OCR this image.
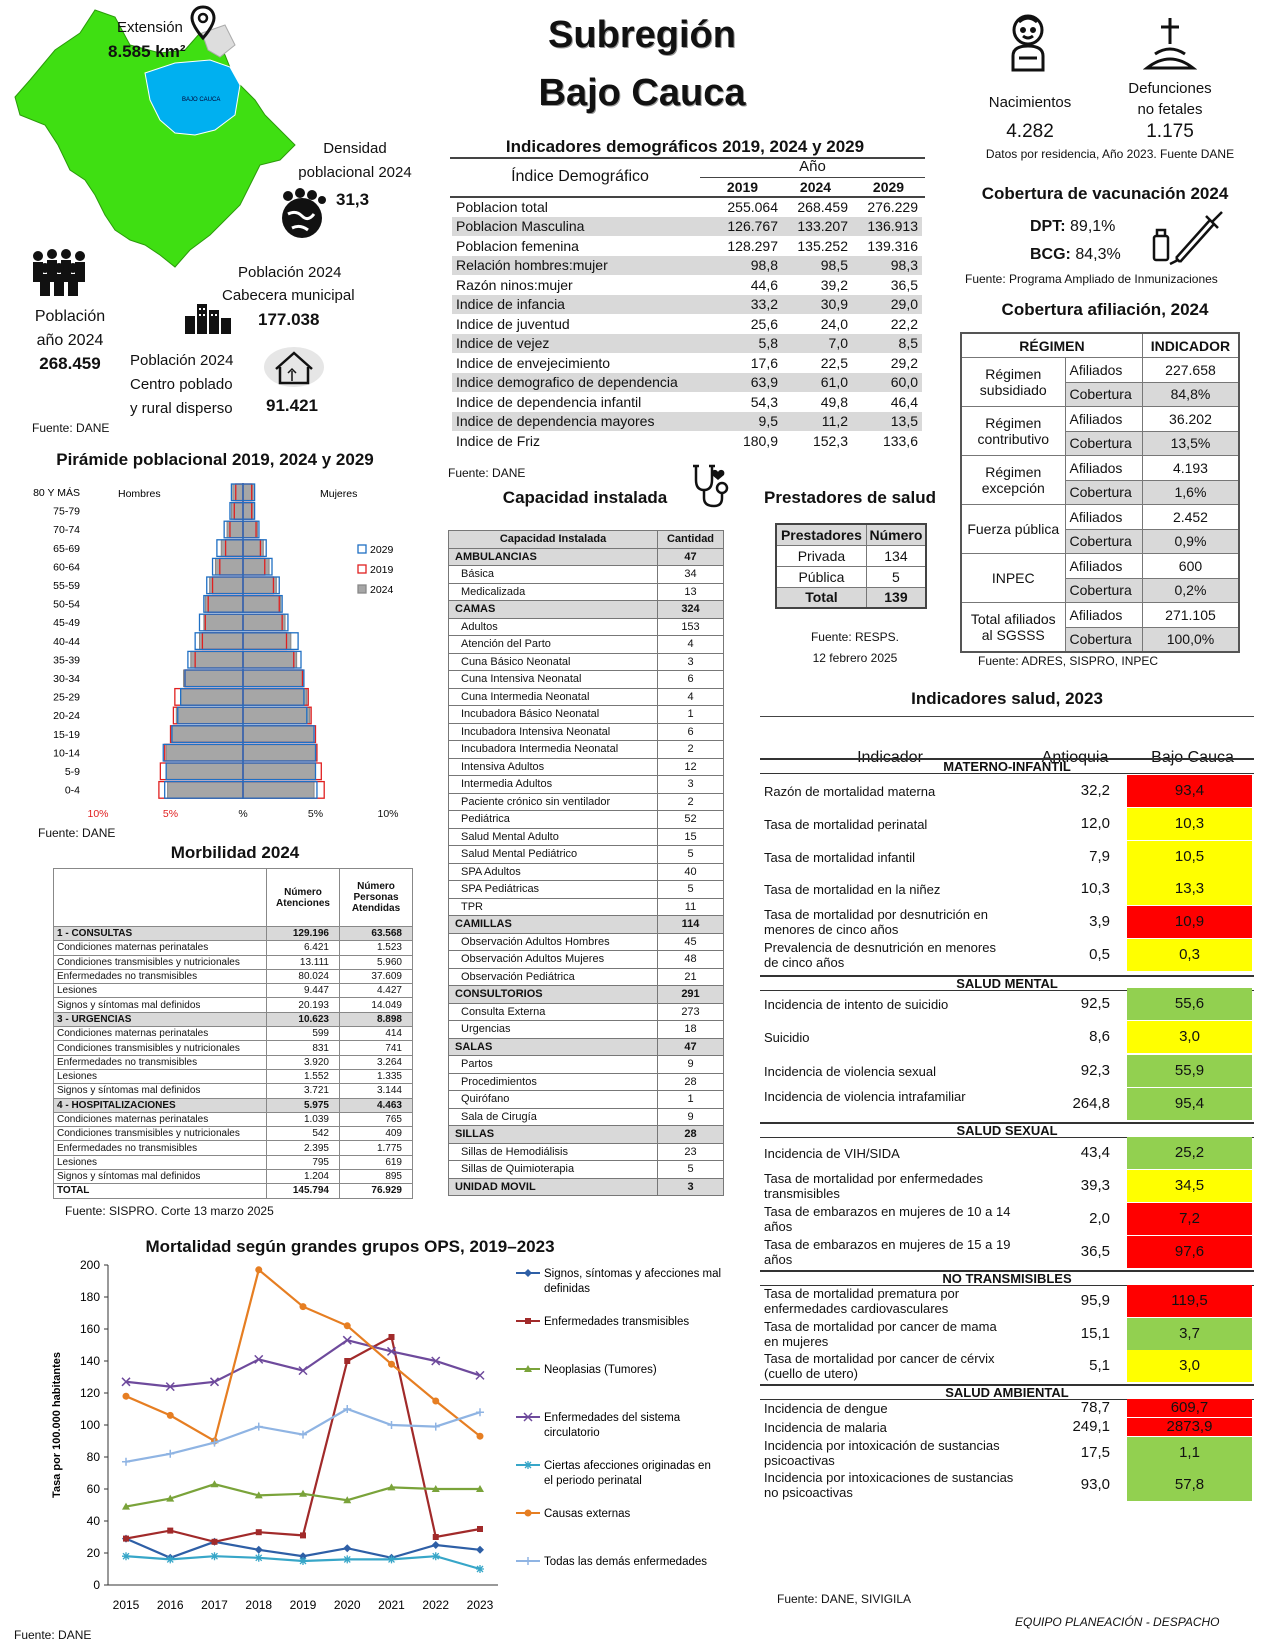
Subregión
Bajo Cauca
BAJO CAUCA
Extensión
8.585 km²
Densidad
poblacional 2024
31,3
Población
año 2024
268.459
Población 2024
Cabecera municipal
177.038
Población 2024
Centro poblado
y rural disperso 91.421
Fuente: DANE
Indicadores demográficos 2019, 2024 y 2029
Índice Demográfico
Año
2019	2024	2029
Poblacion total	255.064	268.459	276.229
Poblacion Masculina	126.767	133.207	136.913
Poblacion femenina	128.297	135.252	139.316
Relación hombres:mujer	98,8	98,5	98,3
Razón ninos:mujer	44,6	39,2	36,5
Indice de infancia	33,2	30,9	29,0
Indice de juventud	25,6	24,0	22,2
Indice de vejez	5,8	7,0	8,5
Indice de envejecimiento	17,6	22,5	29,2
Indice demografico de dependencia	63,9	61,0	60,0
Indice de dependencia infantil	54,3	49,8	46,4
Indice de dependencia mayores	9,5	11,2	13,5
Indice de Friz	180,9	152,3	133,6
Fuente: DANE
Nacimientos
4.282
Defunciones
no fetales
1.175
Datos por residencia, Año 2023. Fuente DANE
Cobertura de vacunación 2024
DPT: 89,1%
BCG: 84,3%
Fuente: Programa Ampliado de Inmunizaciones
Cobertura afiliación, 2024
RÉGIMEN		INDICADOR

Régimen
subsidiado	Afiliados	227.658
	Cobertura	84,8%

Régimen
contributivo	Afiliados	36.202
	Cobertura	13,5%

Régimen
excepción	Afiliados	4.193
	Cobertura	1,6%

Fuerza pública	Afiliados	2.452
	Cobertura	0,9%

INPEC	Afiliados	600
	Cobertura	0,2%

Total afiliados
al SGSSS	Afiliados	271.105
	Cobertura	100,0%
Fuente: ADRES, SISPRO, INPEC
Pirámide poblacional 2019, 2024 y 2029
0-4
5-9
10-14
15-19
20-24
25-29
30-34
35-39
40-44
45-49
50-54
55-59
60-64
65-69
70-74
75-79
80 Y MÁS
10%	5%	%	5%	10%
Hombres	Mujeres
2029
2019
2024
Fuente: DANE
Capacidad instalada
Capacidad Instalada	Cantidad
AMBULANCIAS	47
Básica	34
Medicalizada	13
CAMAS	324
Adultos	153
Atención del Parto	4
Cuna Básico Neonatal	3
Cuna Intensiva Neonatal	6
Cuna Intermedia Neonatal	4
Incubadora Básico Neonatal	1
Incubadora Intensiva Neonatal	6
Incubadora Intermedia Neonatal	2
Intensiva Adultos	12
Intermedia Adultos	3
Paciente crónico sin ventilador	2
Pediátrica	52
Salud Mental Adulto	15
Salud Mental Pediátrico	5
SPA Adultos	40
SPA Pediátricas	5
TPR	11
CAMILLAS	114
Observación Adultos Hombres	45
Observación Adultos Mujeres	48
Observación Pediátrica	21
CONSULTORIOS	291
Consulta Externa	273
Urgencias	18
SALAS	47
Partos	9
Procedimientos	28
Quirófano	1
Sala de Cirugía	9
SILLAS	28
Sillas de Hemodiálisis	23
Sillas de Quimioterapia	5
UNIDAD MOVIL	3
Prestadores de salud
Prestadores	Número
Privada	134
Pública	5
Total	139
Fuente: RESPS.
12 febrero 2025
Morbilidad 2024
	Número Atenciones	Número Personas Atendidas
1 - CONSULTAS	129.196	63.568
Condiciones maternas perinatales	6.421	1.523
Condiciones transmisibles y nutricionales	13.111	5.960
Enfermedades no transmisibles	80.024	37.609
Lesiones	9.447	4.427
Signos y síntomas mal definidos	20.193	14.049
3 - URGENCIAS	10.623	8.898
Condiciones maternas perinatales	599	414
Condiciones transmisibles y nutricionales	831	741
Enfermedades no transmisibles	3.920	3.264
Lesiones	1.552	1.335
Signos y síntomas mal definidos	3.721	3.144
4 - HOSPITALIZACIONES	5.975	4.463
Condiciones maternas perinatales	1.039	765
Condiciones transmisibles y nutricionales	542	409
Enfermedades no transmisibles	2.395	1.775
Lesiones	795	619
Signos y síntomas mal definidos	1.204	895
TOTAL	145.794	76.929
Fuente: SISPRO. Corte 13 marzo 2025
Mortalidad según grandes grupos OPS, 2019–2023
0
20
40
60
80
100
120
140
160
180
200
2015 2016 2017 2018 2019 2020 2021 2022 2023
Tasa por 100.000 habitantes
Signos, síntomas y afecciones mal
definidas
Enfermedades transmisibles
Neoplasias (Tumores)
Enfermedades del sistema
circulatorio
Ciertas afecciones originadas en
el periodo perinatal
Causas externas
Todas las demás enfermedades
Fuente: DANE
Indicadores salud, 2023
Indicador	Antioquia	Bajo Cauca
MATERNO-INFANTIL
SALUD MENTAL
SALUD SEXUAL
NO TRANSMISIBLES
SALUD AMBIENTAL
Razón de mortalidad materna	32,2	93,4
Tasa de mortalidad perinatal	12,0	10,3
Tasa de mortalidad infantil	7,9	10,5
Tasa de mortalidad en la niñez	10,3	13,3
Tasa de mortalidad por desnutrición en menores de cinco años	3,9	10,9
Prevalencia de desnutrición en menores de cinco años	0,5	0,3
Incidencia de intento de suicidio	92,5	55,6
Suicidio	8,6	3,0
Incidencia de violencia sexual	92,3	55,9
Incidencia de violencia intrafamiliar	264,8	95,4
Incidencia de VIH/SIDA	43,4	25,2
Tasa de mortalidad por enfermedades transmisibles	39,3	34,5
Tasa de embarazos en mujeres de 10 a 14 años	2,0	7,2
Tasa de embarazos en mujeres de 15 a 19 años	36,5	97,6
Tasa de mortalidad prematura por enfermedades cardiovasculares	95,9	119,5
Tasa de mortalidad por cancer de mama en mujeres	15,1	3,7
Tasa de mortalidad por cancer de cérvix (cuello de utero)	5,1	3,0
Incidencia de dengue	78,7	609,7
Incidencia de malaria	249,1	2873,9
Incidencia por intoxicación de sustancias psicoactivas	17,5	1,1
Incidencia por intoxicaciones de sustancias no psicoactivas	93,0	57,8
Fuente: DANE, SIVIGILA
EQUIPO PLANEACIÓN - DESPACHO
